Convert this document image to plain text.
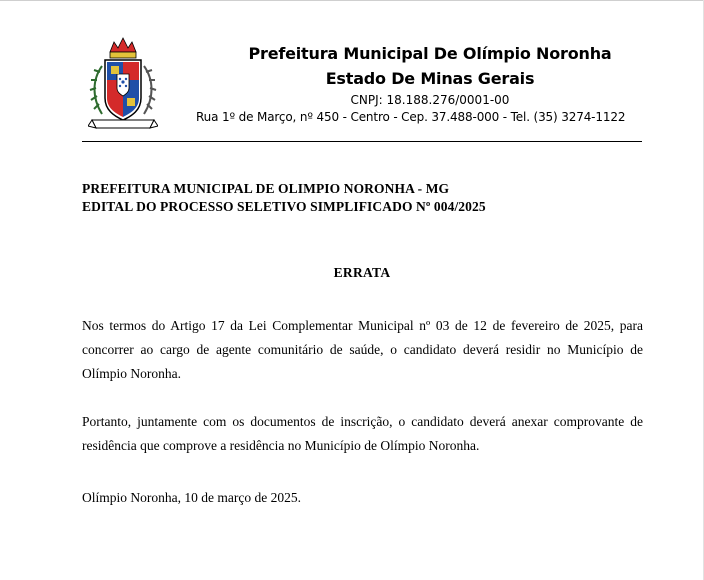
Prefeitura Municipal De Olímpio Noronha
Estado De Minas Gerais
CNPJ: 18.188.276/0001-00
Rua 1º de Março, nº 450 - Centro - Cep. 37.488-000 - Tel. (35) 3274-1122
PREFEITURA MUNICIPAL DE OLIMPIO NORONHA - MG
EDITAL DO PROCESSO SELETIVO SIMPLIFICADO Nº 004/2025
ERRATA

Nos termos do Artigo 17 da Lei Complementar Municipal nº 03 de 12 de fevereiro de 2025, para concorrer ao cargo de agente comunitário de saúde, o candidato deverá residir no Município de Olímpio Noronha.

Portanto, juntamente com os documentos de inscrição, o candidato deverá anexar comprovante de residência que comprove a residência no Município de Olímpio Noronha.

Olímpio Noronha, 10 de março de 2025.
